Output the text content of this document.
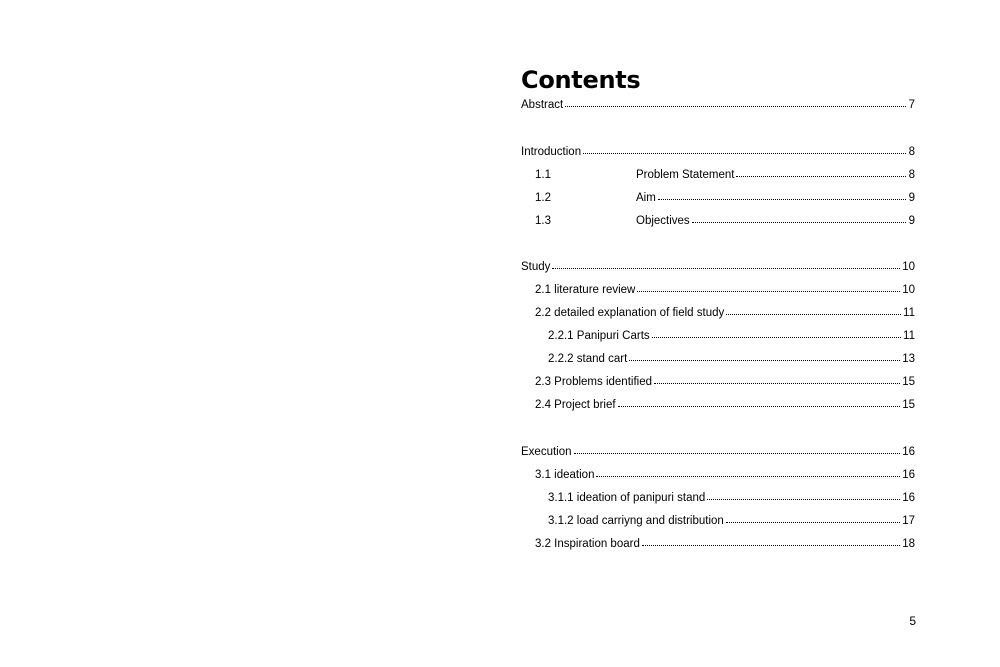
Contents
Abstract	7
Introduction	8
1.1	Problem Statement	8
1.2	Aim	9
1.3	Objectives	9
Study	10
2.1 literature review	10
2.2 detailed explanation of field study	11
2.2.1 Panipuri Carts	11
2.2.2 stand cart	13
2.3 Problems identified	15
2.4 Project brief	15
Execution	16
3.1 ideation	16
3.1.1 ideation of panipuri stand	16
3.1.2 load carriyng and distribution	17
3.2 Inspiration board	18
5
